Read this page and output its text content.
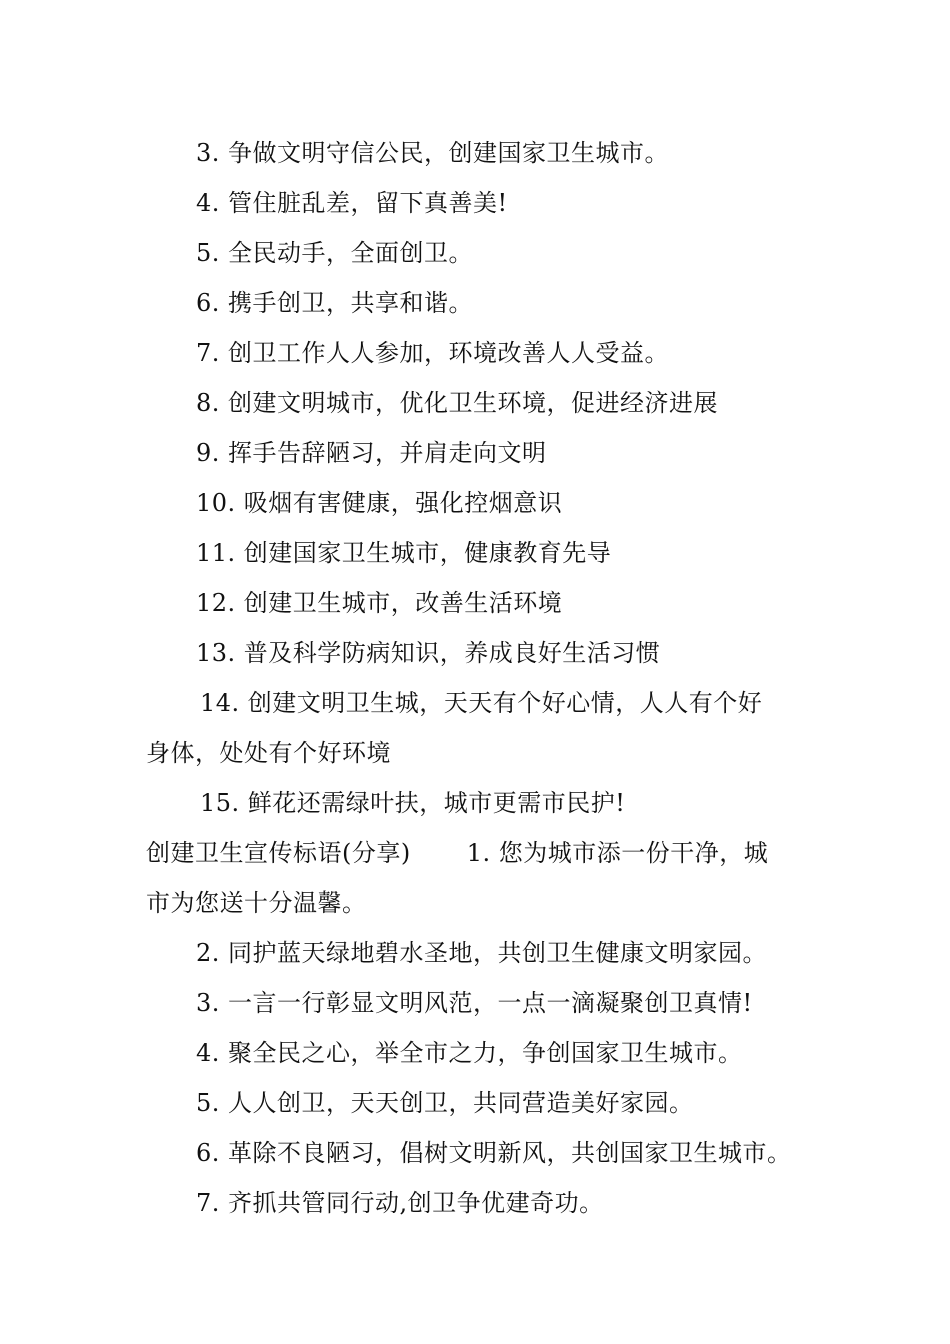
3. 争做文明守信公民，创建国家卫生城市。
4. 管住脏乱差，留下真善美!
5. 全民动手，全面创卫。
6. 携手创卫，共享和谐。
7. 创卫工作人人参加，环境改善人人受益。
8. 创建文明城市，优化卫生环境，促进经济进展
9. 挥手告辞陋习，并肩走向文明
10. 吸烟有害健康，强化控烟意识
11. 创建国家卫生城市，健康教育先导
12. 创建卫生城市，改善生活环境
13. 普及科学防病知识，养成良好生活习惯
14. 创建文明卫生城，天天有个好心情，人人有个好
身体，处处有个好环境
15. 鲜花还需绿叶扶，城市更需市民护!
创建卫生宣传标语(分享) 1. 您为城市添一份干净，城
市为您送十分温馨。
2. 同护蓝天绿地碧水圣地，共创卫生健康文明家园。
3. 一言一行彰显文明风范，一点一滴凝聚创卫真情!
4. 聚全民之心，举全市之力，争创国家卫生城市。
5. 人人创卫，天天创卫，共同营造美好家园。
6. 革除不良陋习，倡树文明新风，共创国家卫生城市。
7. 齐抓共管同行动,创卫争优建奇功。
